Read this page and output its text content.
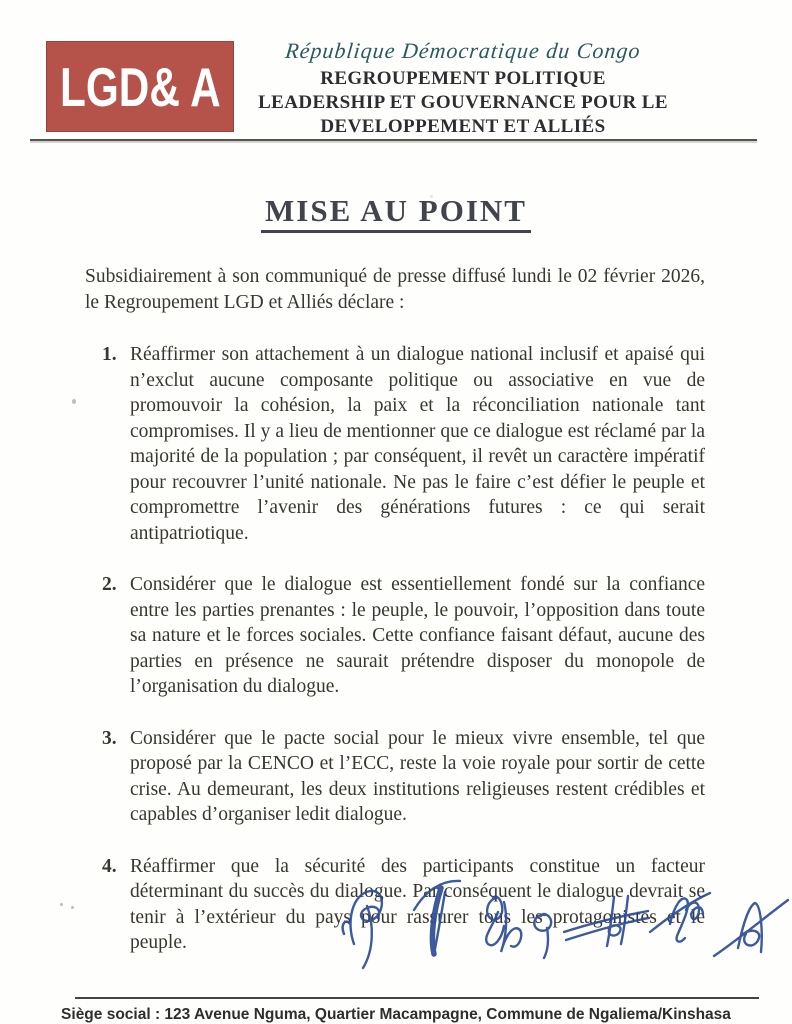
LGD& A
République Démocratique du Congo
REGROUPEMENT POLITIQUE
LEADERSHIP ET GOUVERNANCE POUR LE
DEVELOPPEMENT ET ALLIÉS
MISE AU POINT

Subsidiairement à son communiqué de presse diffusé lundi le 02 février 2026, le Regroupement LGD et Alliés déclare :

1. Réaffirmer son attachement à un dialogue national inclusif et apaisé qui n’exclut aucune composante politique ou associative en vue de promouvoir la cohésion, la paix et la réconciliation nationale tant compromises. Il y a lieu de mentionner que ce dialogue est réclamé par la majorité de la population ; par conséquent, il revêt un caractère impératif pour recouvrer l’unité nationale. Ne pas le faire c’est défier le peuple et compromettre l’avenir des générations futures : ce qui serait antipatriotique.
2. Considérer que le dialogue est essentiellement fondé sur la confiance entre les parties prenantes : le peuple, le pouvoir, l’opposition dans toute sa nature et le forces sociales. Cette confiance faisant défaut, aucune des parties en présence ne saurait prétendre disposer du monopole de l’organisation du dialogue.
3. Considérer que le pacte social pour le mieux vivre ensemble, tel que proposé par la CENCO et l’ECC, reste la voie royale pour sortir de cette crise. Au demeurant, les deux institutions religieuses restent crédibles et capables d’organiser ledit dialogue.
4. Réaffirmer que la sécurité des participants constitue un facteur déterminant du succès du dialogue. Par conséquent le dialogue devrait se tenir à l’extérieur du pays pour rassurer tous les protagonistes et le peuple.
Siège social : 123 Avenue Nguma, Quartier Macampagne, Commune de Ngaliema/Kinshasa
